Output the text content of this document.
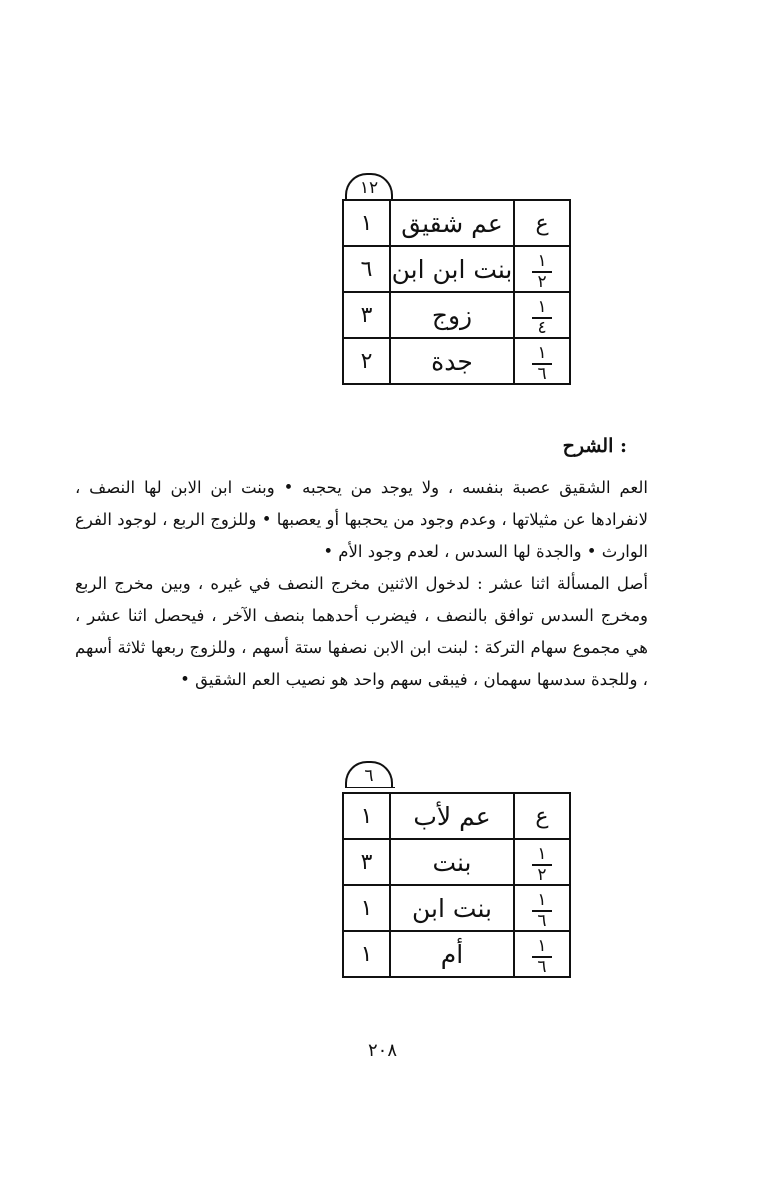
١٢
١	عم شقيق	ع
٦	بنت ابن ابن	$\frac{١}{٢}$

٣	زوج	$\frac{١}{٤}$

٢	جدة	$\frac{١}{٦}$
الشرح :

العم الشقيق عصبة بنفسه ، ولا يوجد من يحجبه • وبنت ابن الابن لها النصف ، لانفرادها عن مثيلاتها ، وعدم وجود من يحجبها أو يعصبها • وللزوج الربع ، لوجود الفرع الوارث • والجدة لها السدس ، لعدم وجود الأم •

أصل المسألة اثنا عشر : لدخول الاثنين مخرج النصف في غيره ، وبين مخرج الربع ومخرج السدس توافق بالنصف ، فيضرب أحدهما بنصف الآخر ، فيحصل اثنا عشر ، هي مجموع سهام التركة : لبنت ابن الابن نصفها ستة أسهم ، وللزوج ربعها ثلاثة أسهم ، وللجدة سدسها سهمان ، فيبقى سهم واحد هو نصيب العم الشقيق •

٦
١	عم لأب	ع
٣	بنت	$\frac{١}{٢}$

١	بنت ابن	$\frac{١}{٦}$

١	أم	$\frac{١}{٦}$
٢٠٨
